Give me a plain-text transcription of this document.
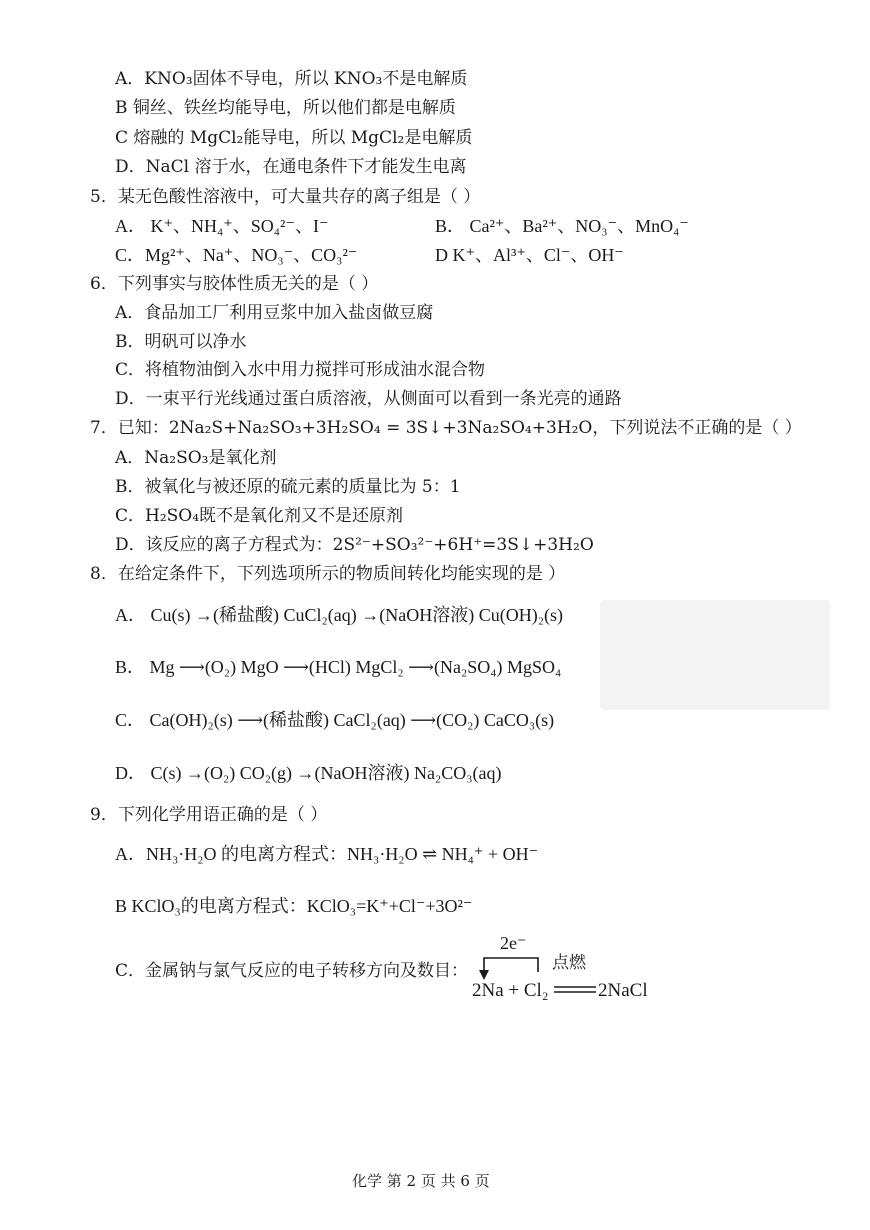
A．KNO₃固体不导电，所以 KNO₃不是电解质
B 铜丝、铁丝均能导电，所以他们都是电解质
C 熔融的 MgCl₂能导电，所以 MgCl₂是电解质
D．NaCl 溶于水，在通电条件下才能发生电离
5．某无色酸性溶液中，可大量共存的离子组是（ ）
A． K⁺、NH₄⁺、SO₄²⁻、I⁻	B． Ca²⁺、Ba²⁺、NO₃⁻、MnO₄⁻
C．Mg²⁺、Na⁺、NO₃⁻、CO₃²⁻	D K⁺、Al³⁺、Cl⁻、OH⁻
6．下列事实与胶体性质无关的是（ ）
A．食品加工厂利用豆浆中加入盐卤做豆腐
B．明矾可以净水
C．将植物油倒入水中用力搅拌可形成油水混合物
D．一束平行光线通过蛋白质溶液，从侧面可以看到一条光亮的通路
7．已知：2Na₂S+Na₂SO₃+3H₂SO₄ = 3S↓+3Na₂SO₄+3H₂O，下列说法不正确的是（ ）
A．Na₂SO₃是氧化剂
B．被氧化与被还原的硫元素的质量比为 5：1
C．H₂SO₄既不是氧化剂又不是还原剂
D．该反应的离子方程式为：2S²⁻+SO₃²⁻+6H⁺=3S↓+3H₂O
8．在给定条件下，下列选项所示的物质间转化均能实现的是 ）
A． Cu(s) →(稀盐酸) CuCl₂(aq) →(NaOH溶液) Cu(OH)₂(s)
B． Mg ⟶(O₂) MgO ⟶(HCl) MgCl₂ ⟶(Na₂SO₄) MgSO₄
C． Ca(OH)₂(s) ⟶(稀盐酸) CaCl₂(aq) ⟶(CO₂) CaCO₃(s)
D． C(s) →(O₂) CO₂(g) →(NaOH溶液) Na₂CO₃(aq)
9．下列化学用语正确的是（ ）
A．NH₃·H₂O 的电离方程式：NH₃·H₂O ⇌ NH₄⁺ + OH⁻
B KClO₃的电离方程式：KClO₃=K⁺+Cl⁻+3O²⁻
C．金属钠与氯气反应的电子转移方向及数目：
2e⁻
点燃
2Na + Cl₂	2NaCl
化学 第 2 页 共 6 页
